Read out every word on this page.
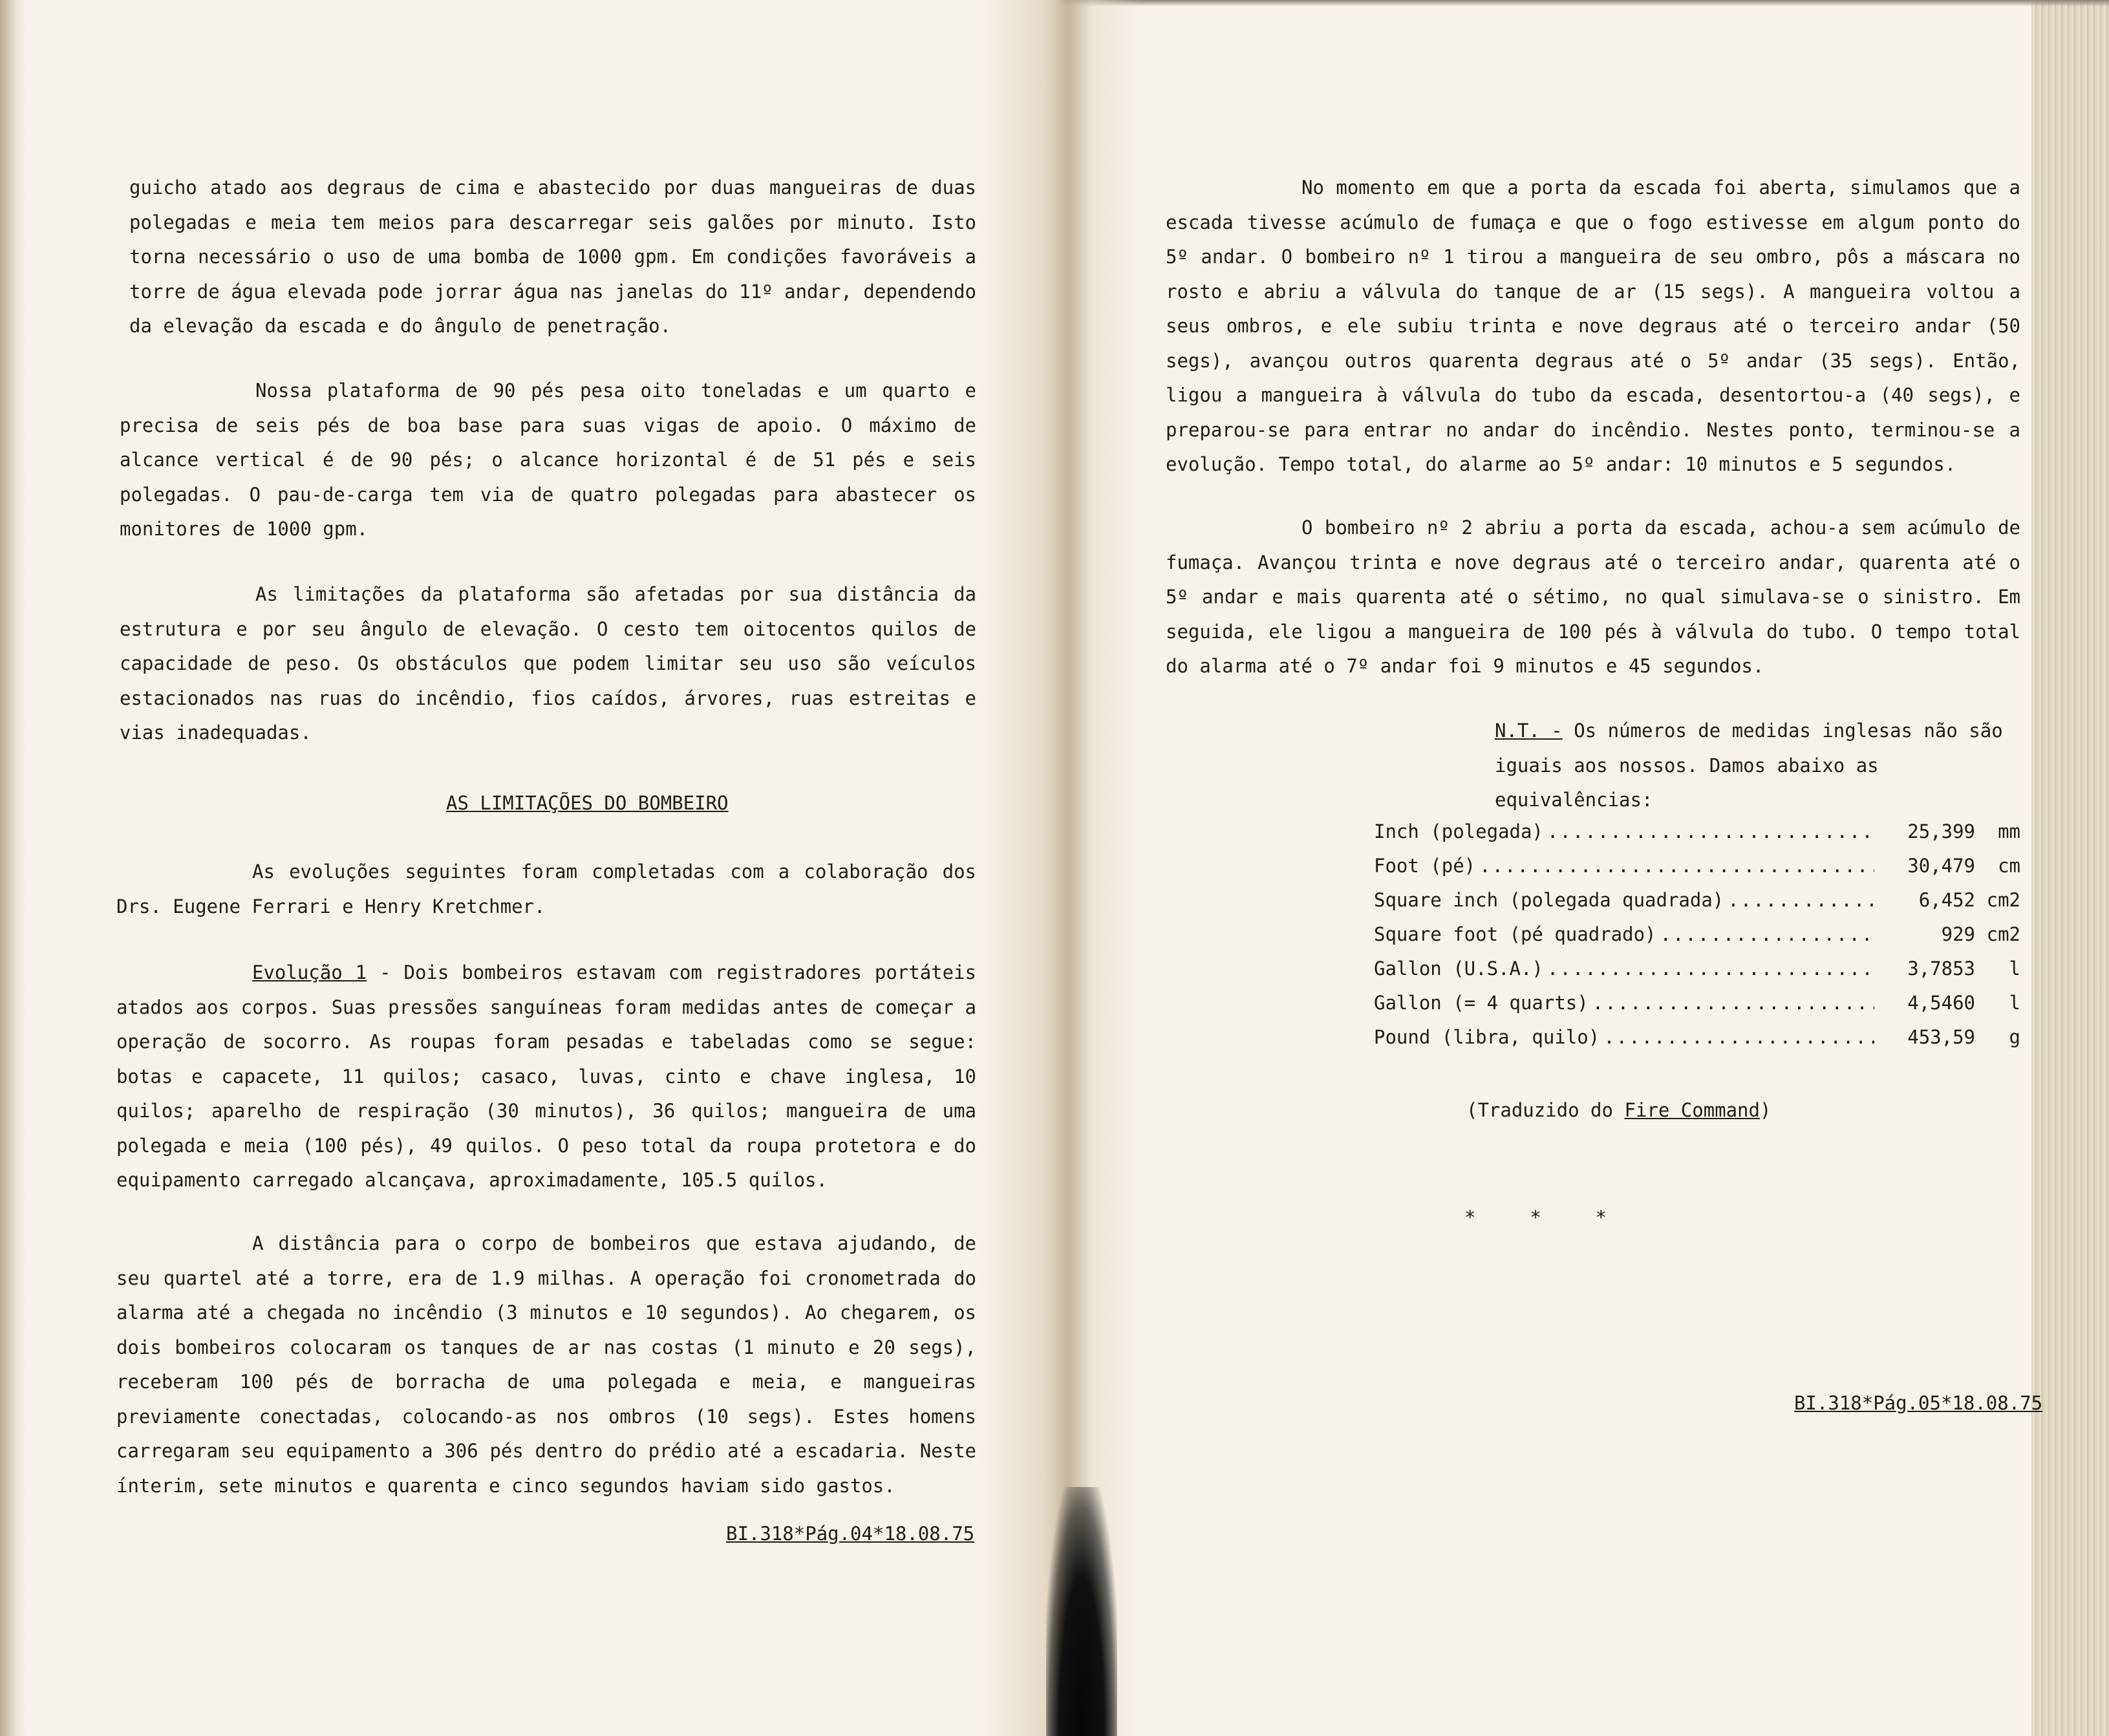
guicho atado aos degraus de cima e abastecido por duas mangueiras de duas polegadas e meia tem meios para descarregar seis galões por minuto. Isto torna necessário o uso de uma bomba de 1000 gpm. Em condições favoráveis a torre de água elevada pode jorrar água nas janelas do 11º andar, dependendo da elevação da escada e do ângulo de penetração.

Nossa plataforma de 90 pés pesa oito toneladas e um quarto e precisa de seis pés de boa base para suas vigas de apoio. O máximo de alcance vertical é de 90 pés; o alcance horizontal é de 51 pés e seis polegadas. O pau-de-carga tem via de quatro polegadas para abastecer os monitores de 1000 gpm.

As limitações da plataforma são afetadas por sua distância da estrutura e por seu ângulo de elevação. O cesto tem oitocentos quilos de capacidade de peso. Os obstáculos que podem limitar seu uso são veículos estacionados nas ruas do incêndio, fios caídos, árvores, ruas estreitas e vias inadequadas.

AS LIMITAÇÕES DO BOMBEIRO

As evoluções seguintes foram completadas com a colaboração dos Drs. Eugene Ferrari e Henry Kretchmer.

Evolução 1 - Dois bombeiros estavam com registradores portáteis atados aos corpos. Suas pressões sanguíneas foram medidas antes de começar a operação de socorro. As roupas foram pesadas e tabeladas como se segue: botas e capacete, 11 quilos; casaco, luvas, cinto e chave inglesa, 10 quilos; aparelho de respiração (30 minutos), 36 quilos; mangueira de uma polegada e meia (100 pés), 49 quilos. O peso total da roupa protetora e do equipamento carregado alcançava, aproximadamente, 105.5 quilos.

A distância para o corpo de bombeiros que estava ajudando, de seu quartel até a torre, era de 1.9 milhas. A operação foi cronometrada do alarma até a chegada no incêndio (3 minutos e 10 segundos). Ao chegarem, os dois bombeiros colocaram os tanques de ar nas costas (1 minuto e 20 segs), receberam 100 pés de borracha de uma polegada e meia, e mangueiras previamente conectadas, colocando-as nos ombros (10 segs). Estes homens carregaram seu equipamento a 306 pés dentro do prédio até a escadaria. Neste ínterim, sete minutos e quarenta e cinco segundos haviam sido gastos.

BI.318*Pág.04*18.08.75

No momento em que a porta da escada foi aberta, simulamos que a escada tivesse acúmulo de fumaça e que o fogo estivesse em algum ponto do 5º andar. O bombeiro nº 1 tirou a mangueira de seu ombro, pôs a máscara no rosto e abriu a válvula do tanque de ar (15 segs). A mangueira voltou a seus ombros, e ele subiu trinta e nove degraus até o terceiro andar (50 segs), avançou outros quarenta degraus até o 5º andar (35 segs). Então, ligou a mangueira à válvula do tubo da escada, desentortou-a (40 segs), e preparou-se para entrar no andar do incêndio. Nestes ponto, terminou-se a evolução. Tempo total, do alarme ao 5º andar: 10 minutos e 5 segundos.

O bombeiro nº 2 abriu a porta da escada, achou-a sem acúmulo de fumaça. Avançou trinta e nove degraus até o terceiro andar, quarenta até o 5º andar e mais quarenta até o sétimo, no qual simulava-se o sinistro. Em seguida, ele ligou a mangueira de 100 pés à válvula do tubo. O tempo total do alarma até o 7º andar foi 9 minutos e 45 segundos.

N.T. - Os números de medidas inglesas não são iguais aos nossos. Damos abaixo as equivalências:

Inch (polegada) .....	25,399	mm
Foot (pé) .....	30,479	cm
Square inch (polegada quadrada) .....	6,452 cm2
Square foot (pé quadrado) .....	929 cm2
Gallon (U.S.A.) .....	3,7853	l
Gallon (= 4 quarts) .....	4,5460	l
Pound (libra, quilo) .....	453,59	g
(Traduzido do Fire Command)
*	*	*
BI.318*Pág.05*18.08.75
